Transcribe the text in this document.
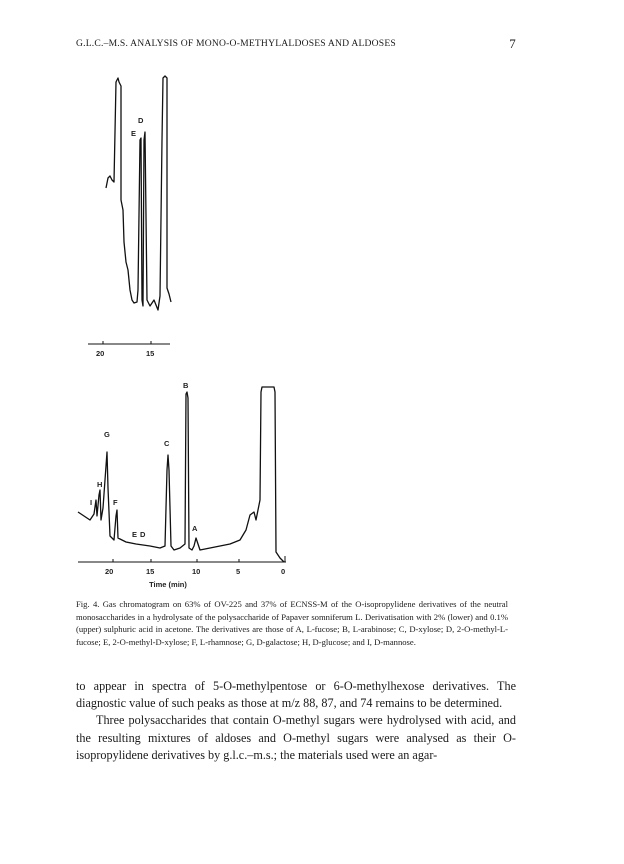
G.L.C.–M.S. ANALYSIS OF MONO-O-METHYLALDOSES AND ALDOSES	7
D
E
20	15
B
G
C
H
I	F
E D
A
20	15	10	5	0
Time (min)
Fig. 4. Gas chromatogram on 63% of OV-225 and 37% of ECNSS-M of the O-isopropylidene derivatives of the neutral monosaccharides in a hydrolysate of the polysaccharide of Papaver somniferum L. Derivatisation with 2% (lower) and 0.1% (upper) sulphuric acid in acetone. The derivatives are those of A, L-fucose; B, L-arabinose; C, D-xylose; D, 2-O-methyl-L-fucose; E, 2-O-methyl-D-xylose; F, L-rhamnose; G, D-galactose; H, D-glucose; and I, D-mannose.

to appear in spectra of 5-O-methylpentose or 6-O-methylhexose derivatives. The diagnostic value of such peaks as those at m/z 88, 87, and 74 remains to be determined.

Three polysaccharides that contain O-methyl sugars were hydrolysed with acid, and the resulting mixtures of aldoses and O-methyl sugars were analysed as their O-isopropylidene derivatives by g.l.c.–m.s.; the materials used were an agar-
